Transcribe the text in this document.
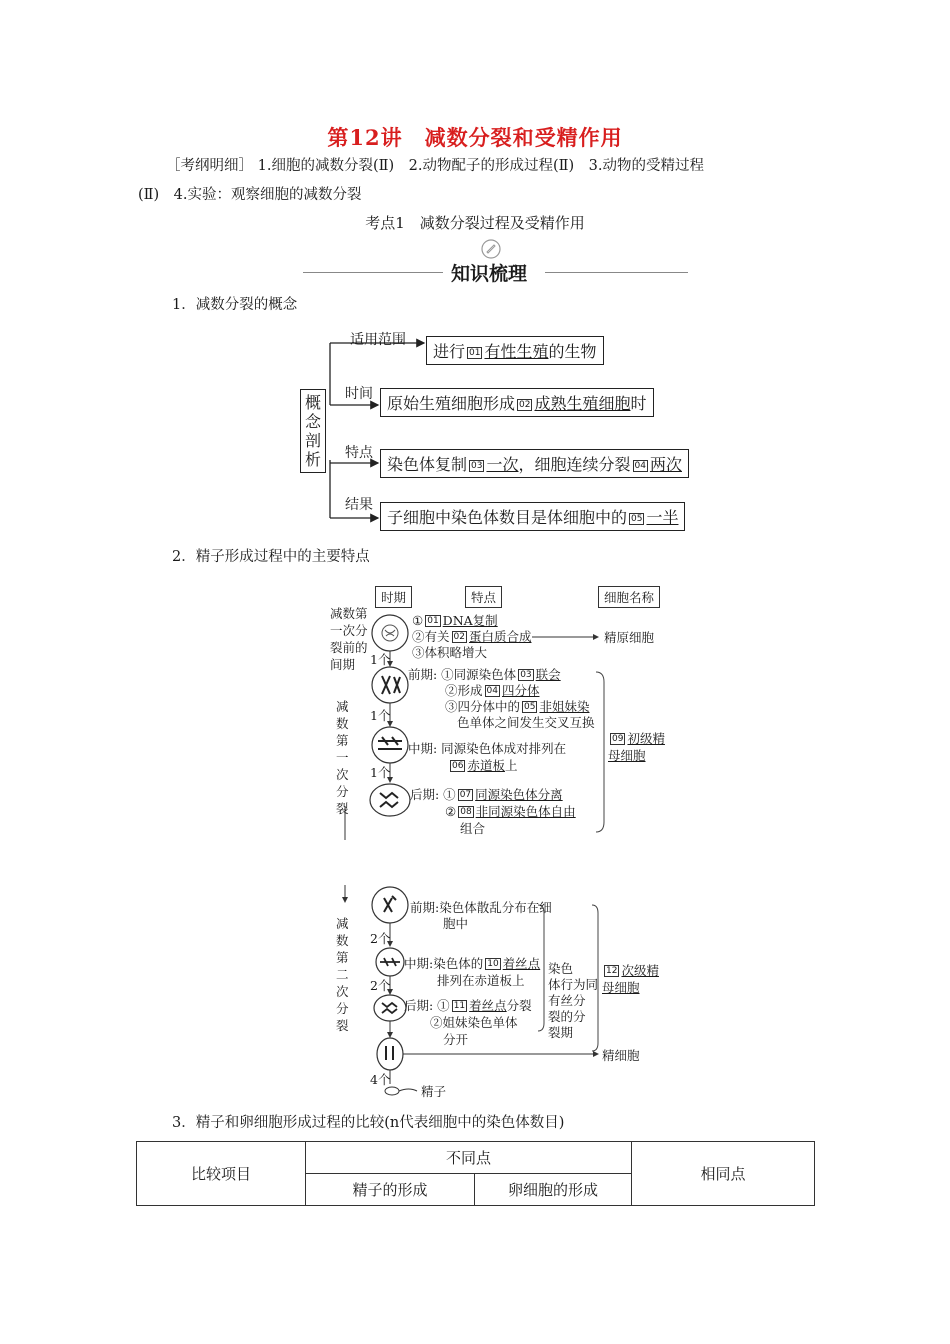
第12讲　减数分裂和受精作用
［考纲明细］ 1.细胞的减数分裂(Ⅱ)　2.动物配子的形成过程(Ⅱ)　3.动物的受精过程
(Ⅱ)　4.实验：观察细胞的减数分裂
考点1　减数分裂过程及受精作用
知识梳理
1．减数分裂的概念
概念剖析
适用范围
进行 01 有性生殖的生物
时间 原始生殖细胞形成 02 成熟生殖细胞时
特点
染色体复制 03 一次，细胞连续分裂 04 两次
结果
子细胞中染色体数目是体细胞中的 05 一半
2．精子形成过程中的主要特点
时期	特点	细胞名称
减数第一次分裂前的间期
① 01 DNA复制
②有关 02 蛋白质合成
③体积略增大
精原细胞
1个
减数第一次分裂
前期: ①同源染色体 03 联会
②形成 04 四分体
③四分体中的 05 非姐妹染
色单体之间发生交叉互换
1个
中期: 同源染色体成对排列在
06 赤道板上
1个
后期: ① 07 同源染色体分离
② 08 非同源染色体自由
组合
09 初级精
母细胞
减数第二次分裂
前期:染色体散乱分布在细
胞中
2个
中期:染色体的 10 着丝点
排列在赤道板上
2个
后期: ① 11 着丝点分裂
②姐妹染色单体
分开
染色
体行为同
有丝分
裂的分
裂期
12 次级精
母细胞
精细胞
4个
精子
3．精子和卵细胞形成过程的比较(n代表细胞中的染色体数目)
比较项目	不同点		相同点
	精子的形成	卵细胞的形成	
